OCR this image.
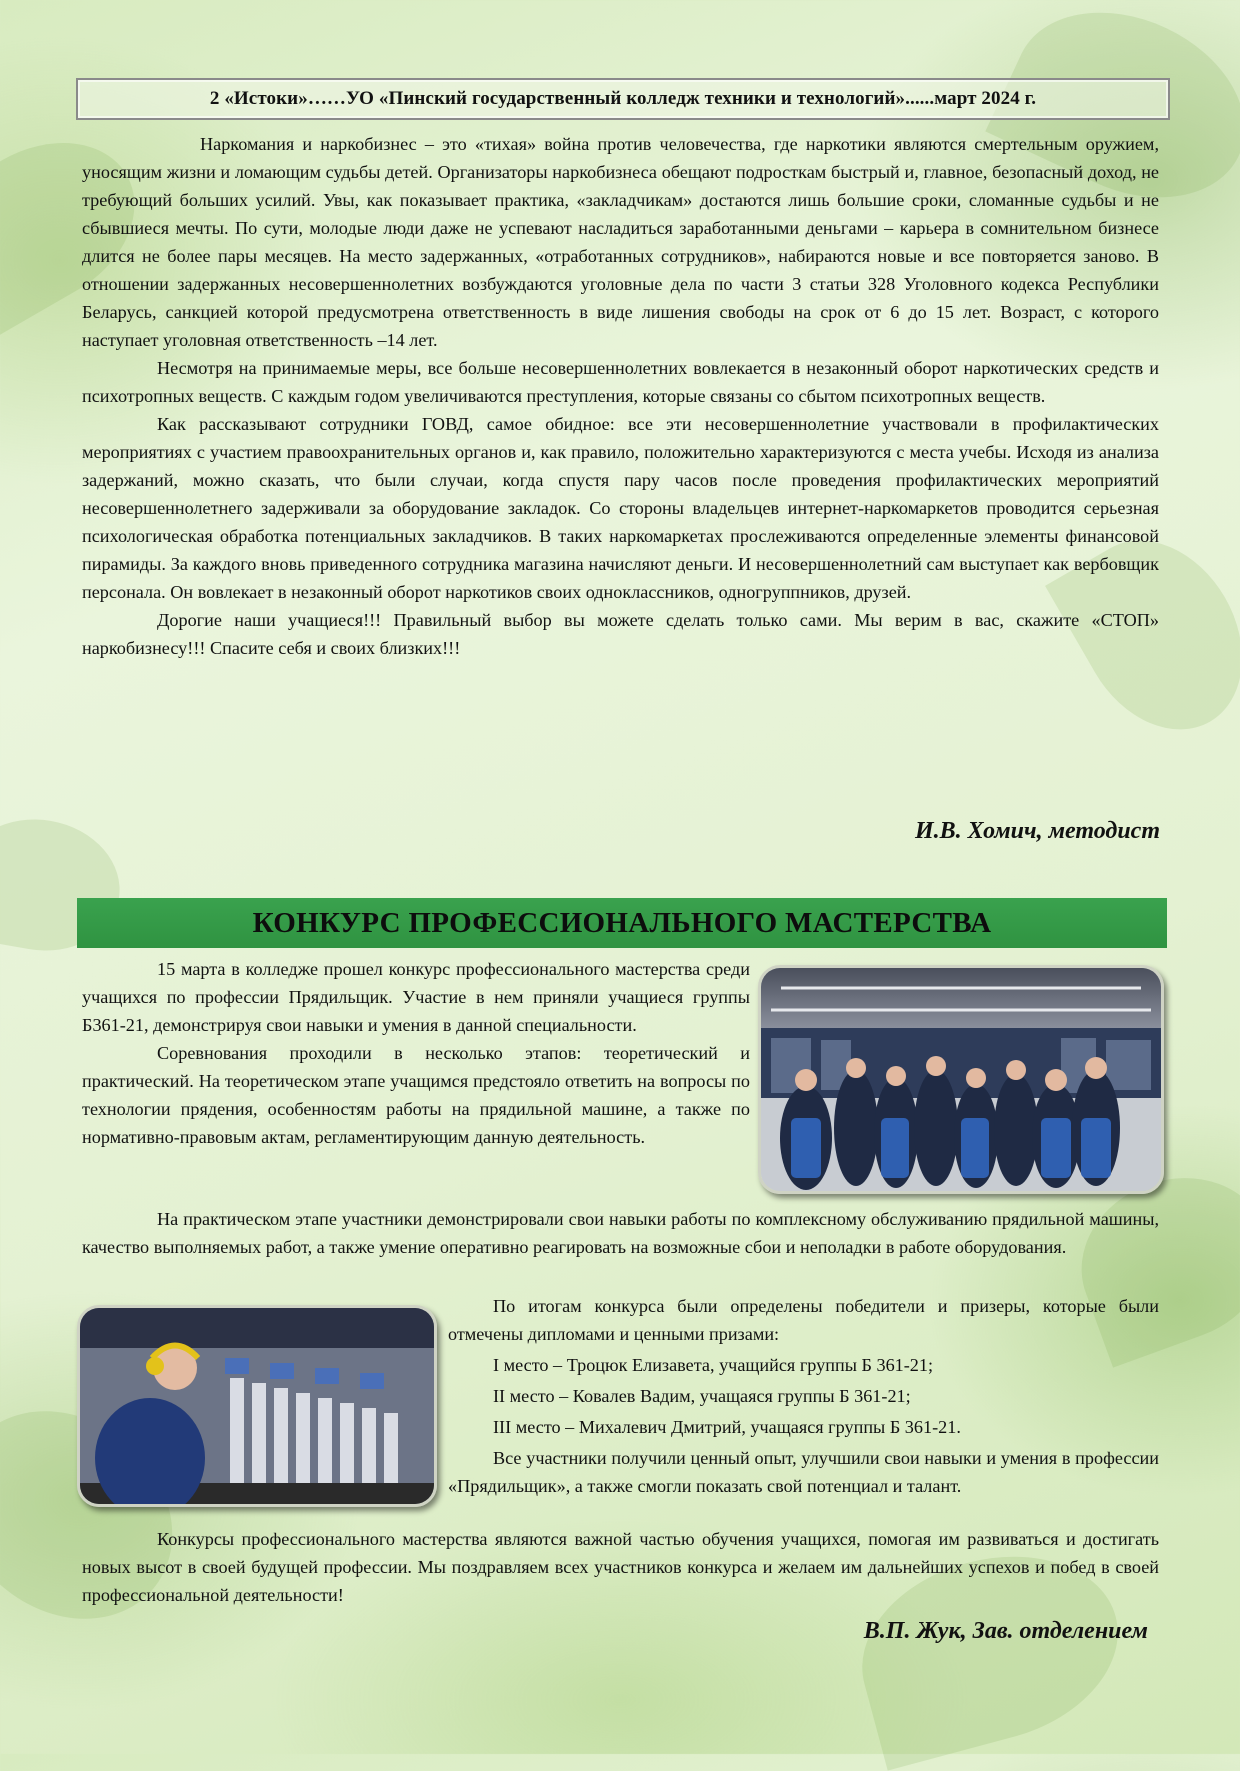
2 «Истоки»……УО «Пинский государственный колледж техники и технологий»......март 2024 г.

Наркомания и наркобизнес – это «тихая» война против человечества, где наркотики являются смертельным оружием, уносящим жизни и ломающим судьбы детей. Организаторы наркобизнеса обещают подросткам быстрый и, главное, безопасный доход, не требующий больших усилий. Увы, как показывает практика, «закладчикам» достаются лишь большие сроки, сломанные судьбы и не сбывшиеся мечты. По сути, молодые люди даже не успевают насладиться заработанными деньгами – карьера в сомнительном бизнесе длится не более пары месяцев. На место задержанных, «отработанных сотрудников», набираются новые и все повторяется заново. В отношении задержанных несовершеннолетних возбуждаются уголовные дела по части 3 статьи 328 Уголовного кодекса Республики Беларусь, санкцией которой предусмотрена ответственность в виде лишения свободы на срок от 6 до 15 лет. Возраст, с которого наступает уголовная ответственность –14 лет.

Несмотря на принимаемые меры, все больше несовершеннолетних вовлекается в незаконный оборот наркотических средств и психотропных веществ. С каждым годом увеличиваются преступления, которые связаны со сбытом психотропных веществ.

Как рассказывают сотрудники ГОВД, самое обидное: все эти несовершеннолетние участвовали в профилактических мероприятиях с участием правоохранительных органов и, как правило, положительно характеризуются с места учебы. Исходя из анализа задержаний, можно сказать, что были случаи, когда спустя пару часов после проведения профилактических мероприятий несовершеннолетнего задерживали за оборудование закладок. Со стороны владельцев интернет-наркомаркетов проводится серьезная психологическая обработка потенциальных закладчиков. В таких наркомаркетах прослеживаются определенные элементы финансовой пирамиды. За каждого вновь приведенного сотрудника магазина начисляют деньги. И несовершеннолетний сам выступает как вербовщик персонала. Он вовлекает в незаконный оборот наркотиков своих одноклассников, одногруппников, друзей.

Дорогие наши учащиеся!!! Правильный выбор вы можете сделать только сами. Мы верим в вас, скажите «СТОП» наркобизнесу!!! Спасите себя и своих близких!!!

И.В. Хомич, методист
КОНКУРС ПРОФЕССИОНАЛЬНОГО МАСТЕРСТВА

15 марта в колледже прошел конкурс профессионального мастерства среди учащихся по профессии Прядильщик. Участие в нем приняли учащиеся группы Б361-21, демонстрируя свои навыки и умения в данной специальности.

Соревнования проходили в несколько этапов: теоретический и практический. На теоретическом этапе учащимся предстояло ответить на вопросы по технологии прядения, особенностям работы на прядильной машине, а также по нормативно-правовым актам, регламентирующим данную деятельность.

На практическом этапе участники демонстрировали свои навыки работы по комплексному обслуживанию прядильной машины, качество выполняемых работ, а также умение оперативно реагировать на возможные сбои и неполадки в работе оборудования.

По итогам конкурса были определены победители и призеры, которые были отмечены дипломами и ценными призами:

I место – Троцюк Елизавета, учащийся группы Б 361-21;

II место – Ковалев Вадим, учащаяся группы Б 361-21;

III место – Михалевич Дмитрий, учащаяся группы Б 361-21.

Все участники получили ценный опыт, улучшили свои навыки и умения в профессии «Прядильщик», а также смогли показать свой потенциал и талант.

Конкурсы профессионального мастерства являются важной частью обучения учащихся, помогая им развиваться и достигать новых высот в своей будущей профессии. Мы поздравляем всех участников конкурса и желаем им дальнейших успехов и побед в своей профессиональной деятельности!

В.П. Жук, Зав. отделением
